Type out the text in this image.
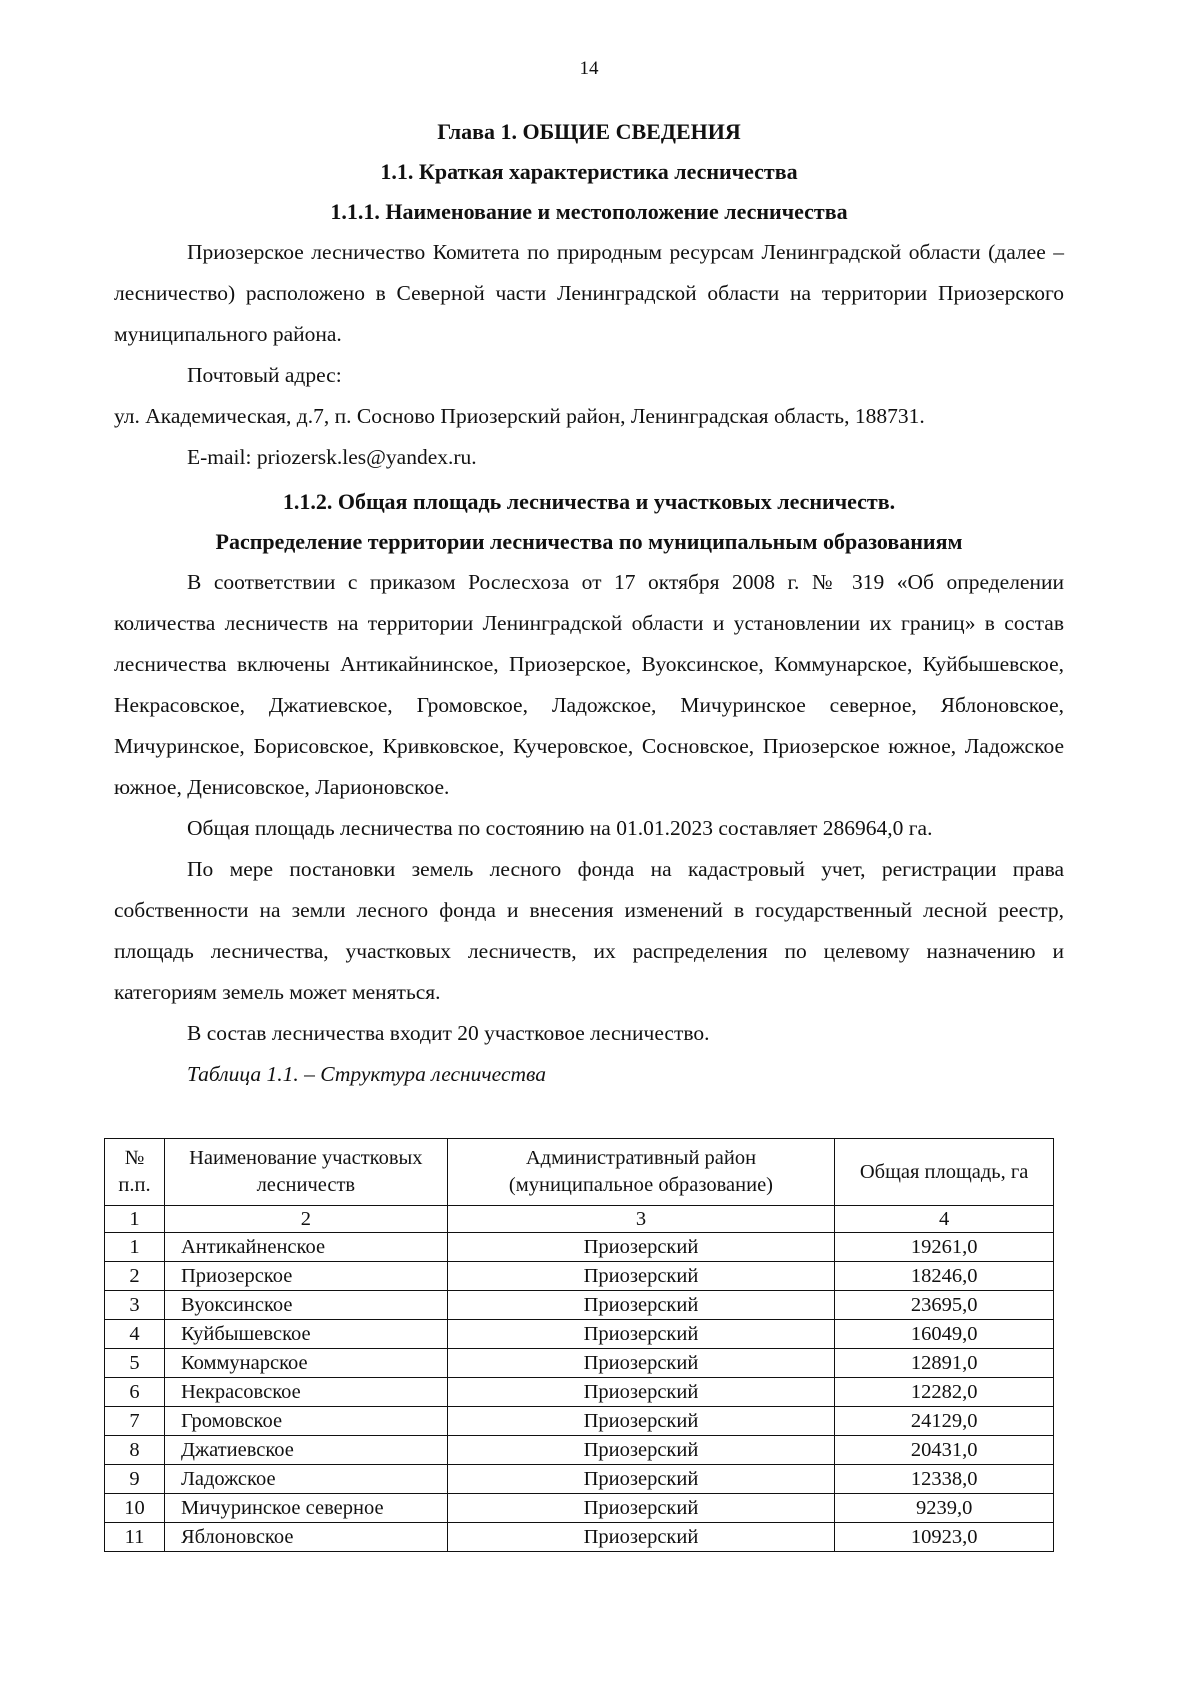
14
Глава 1. ОБЩИЕ СВЕДЕНИЯ
1.1. Краткая характеристика лесничества
1.1.1. Наименование и местоположение лесничества

Приозерское лесничество Комитета по природным ресурсам Ленинградской области (далее – лесничество) расположено в Северной части Ленинградской области на территории Приозерского муниципального района.

Почтовый адрес:

ул. Академическая, д.7, п. Сосново Приозерский район, Ленинградская область, 188731.

E-mail: priozersk.les@yandex.ru.

1.1.2. Общая площадь лесничества и участковых лесничеств.
Распределение территории лесничества по муниципальным образованиям

В соответствии с приказом Рослесхоза от 17 октября 2008 г. № 319 «Об определении количества лесничеств на территории Ленинградской области и установлении их границ» в состав лесничества включены Антикайнинское, Приозерское, Вуоксинское, Коммунарское, Куйбышевское, Некрасовское, Джатиевское, Громовское, Ладожское, Мичуринское северное, Яблоновское, Мичуринское, Борисовское, Кривковское, Кучеровское, Сосновское, Приозерское южное, Ладожское южное, Денисовское, Ларионовское.

Общая площадь лесничества по состоянию на 01.01.2023 составляет 286964,0 га.

По мере постановки земель лесного фонда на кадастровый учет, регистрации права собственности на земли лесного фонда и внесения изменений в государственный лесной реестр, площадь лесничества, участковых лесничеств, их распределения по целевому назначению и категориям земель может меняться.

В состав лесничества входит 20 участковое лесничество.

Таблица 1.1. – Структура лесничества

№ п.п.	Наименование участковых лесничеств	Административный район (муниципальное образование)	Общая площадь, га
1	2	3	4
1	Антикайненское	Приозерский	19261,0
2	Приозерское	Приозерский	18246,0
3	Вуоксинское	Приозерский	23695,0
4	Куйбышевское	Приозерский	16049,0
5	Коммунарское	Приозерский	12891,0
6	Некрасовское	Приозерский	12282,0
7	Громовское	Приозерский	24129,0
8	Джатиевское	Приозерский	20431,0
9	Ладожское	Приозерский	12338,0
10	Мичуринское северное	Приозерский	9239,0
11	Яблоновское	Приозерский	10923,0
